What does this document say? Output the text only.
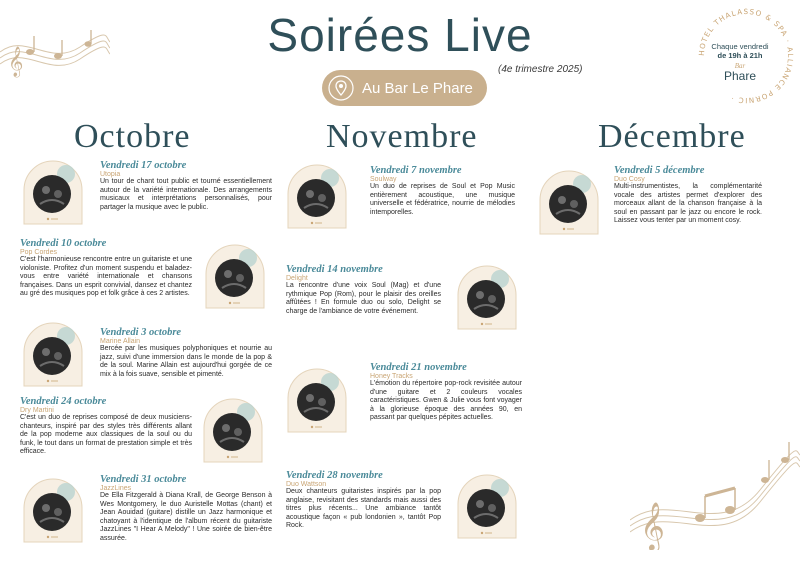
𝄞
𝄞
Soirées Live
(4e trimestre 2025)
Au Bar Le Phare
HOTEL THALASSO & SPA · ALLIANCE PORNIC ·
Chaque vendredi
de 19h à 21h
Bar
Phare
Octobre	Novembre	Décembre
Vendredi 17 octobre
Utopia
Un tour de chant tout public et tourné essentiellement autour de la variété internationale. Des arrangements musicaux et interprétations personnalisés, pour partager la musique avec le public.
Vendredi 10 octobre
Pop Cordes
C'est l'harmonieuse rencontre entre un guitariste et une violoniste. Profitez d'un moment suspendu et baladez-vous entre variété internationale et chansons françaises. Dans un esprit convivial, dansez et chantez au gré des musiques pop et folk grâce à ces 2 artistes.
Vendredi 3 octobre
Marine Allain
Bercée par les musiques polyphoniques et nourrie au jazz, suivi d'une immersion dans le monde de la pop & de la soul. Marine Allain est aujourd'hui gorgée de ce mix à la fois suave, sensible et pimenté.
Vendredi 24 octobre
Dry Martini
C'est un duo de reprises composé de deux musiciens-chanteurs, inspiré par des styles très différents allant de la pop moderne aux classiques de la soul ou du funk, le tout dans un format de prestation simple et très efficace.
Vendredi 31 octobre
JazzLines
De Ella Fitzgerald à Diana Krall, de George Benson à Wes Montgomery, le duo Auristelle Mottas (chant) et Jean Aouidad (guitare) distille un Jazz harmonique et chatoyant à l'identique de l'album récent du guitariste JazzLines "I Hear A Melody" ! Une soirée de bien-être assurée.
Vendredi 7 novembre
Soulway
Un duo de reprises de Soul et Pop Music entièrement acoustique, une musique universelle et fédératrice, nourrie de mélodies intemporelles.
Vendredi 14 novembre
Delight
La rencontre d'une voix Soul (Mag) et d'une rythmique Pop (Rom), pour le plaisir des oreilles affûtées ! En formule duo ou solo, Delight se charge de l'ambiance de votre événement.
Vendredi 21 novembre
Honey Tracks
L'émotion du répertoire pop-rock revisitée autour d'une guitare et 2 couleurs vocales caractéristiques. Gwen & Julie vous font voyager à la glorieuse époque des années 90, en passant par quelques pépites actuelles.
Vendredi 28 novembre
Duo Wattson
Deux chanteurs guitaristes inspirés par la pop anglaise, revisitant des standards mais aussi des titres plus récents... Une ambiance tantôt acoustique façon « pub londonien », tantôt Pop Rock.
Vendredi 5 décembre
Duo Cosy
Multi-instrumentistes, la complémentarité vocale des artistes permet d'explorer des morceaux allant de la chanson française à la soul en passant par le jazz ou encore le rock. Laissez vous tenter par un moment cosy.
